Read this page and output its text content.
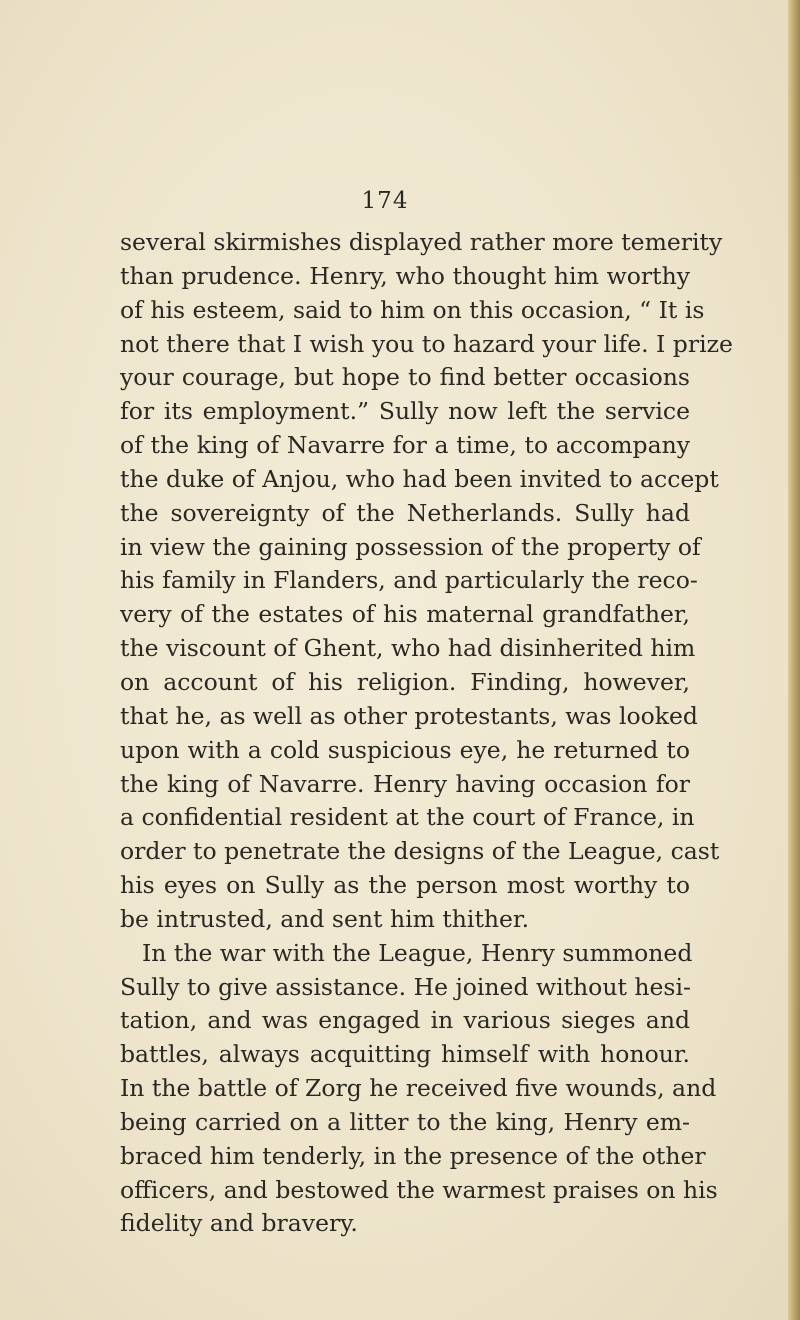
174
several skirmishes displayed rather more temerity
than prudence. Henry, who thought him worthy
of his esteem, said to him on this occasion, “ It is
not there that I wish you to hazard your life. I prize
your courage, but hope to find better occasions
for its employment.” Sully now left the service
of the king of Navarre for a time, to accompany
the duke of Anjou, who had been invited to accept
the sovereignty of the Netherlands. Sully had
in view the gaining possession of the property of
his family in Flanders, and particularly the reco-
very of the estates of his maternal grandfather,
the viscount of Ghent, who had disinherited him
on account of his religion. Finding, however,
that he, as well as other protestants, was looked
upon with a cold suspicious eye, he returned to
the king of Navarre. Henry having occasion for
a confidential resident at the court of France, in
order to penetrate the designs of the League, cast
his eyes on Sully as the person most worthy to
be intrusted, and sent him thither.
In the war with the League, Henry summoned
Sully to give assistance. He joined without hesi-
tation, and was engaged in various sieges and
battles, always acquitting himself with honour.
In the battle of Zorg he received five wounds, and
being carried on a litter to the king, Henry em-
braced him tenderly, in the presence of the other
officers, and bestowed the warmest praises on his
fidelity and bravery.
